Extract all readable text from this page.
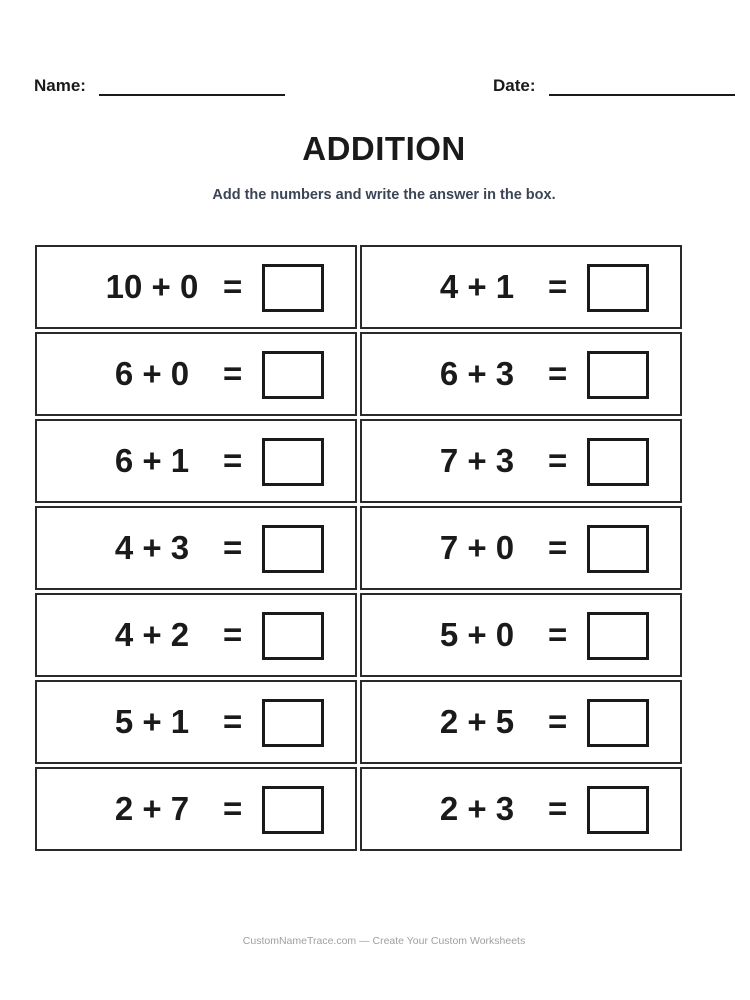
Name:	Date:
ADDITION
Add the numbers and write the answer in the box.
10 + 0 =	4 + 1	=
6 + 0	=	6 + 3	=
6 + 1	=	7 + 3	=
4 + 3	=	7 + 0	=
4 + 2	=	5 + 0	=
5 + 1	=	2 + 5	=
2 + 7	=	2 + 3	=
CustomNameTrace.com — Create Your Custom Worksheets
